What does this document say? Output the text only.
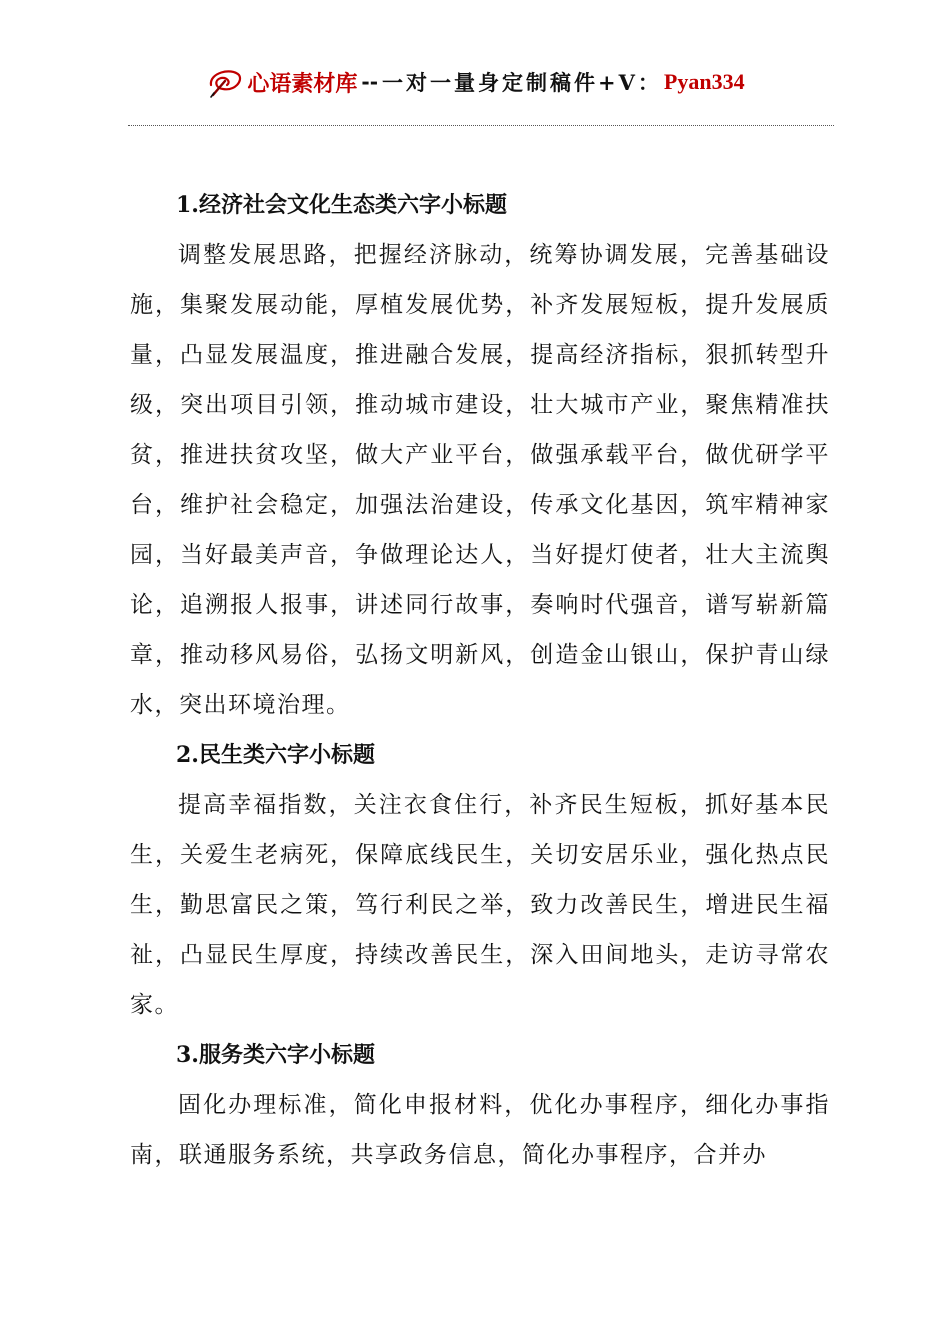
心语素材库 -- 一对一量身定制稿件+V： Pyan334

1.经济社会文化生态类六字小标题

调整发展思路，把握经济脉动，统筹协调发展，完善基础设施，集聚发展动能，厚植发展优势，补齐发展短板，提升发展质量，凸显发展温度，推进融合发展，提高经济指标，狠抓转型升级，突出项目引领，推动城市建设，壮大城市产业，聚焦精准扶贫，推进扶贫攻坚，做大产业平台，做强承载平台，做优研学平台，维护社会稳定，加强法治建设，传承文化基因，筑牢精神家园，当好最美声音，争做理论达人，当好提灯使者，壮大主流舆论，追溯报人报事，讲述同行故事，奏响时代强音，谱写崭新篇章，推动移风易俗，弘扬文明新风，创造金山银山，保护青山绿水，突出环境治理。

2.民生类六字小标题

提高幸福指数，关注衣食住行，补齐民生短板，抓好基本民生，关爱生老病死，保障底线民生，关切安居乐业，强化热点民生，勤思富民之策，笃行利民之举，致力改善民生，增进民生福祉，凸显民生厚度，持续改善民生，深入田间地头，走访寻常农家。

3.服务类六字小标题

固化办理标准，简化申报材料，优化办事程序，细化办事指南，联通服务系统，共享政务信息，简化办事程序，合并办
